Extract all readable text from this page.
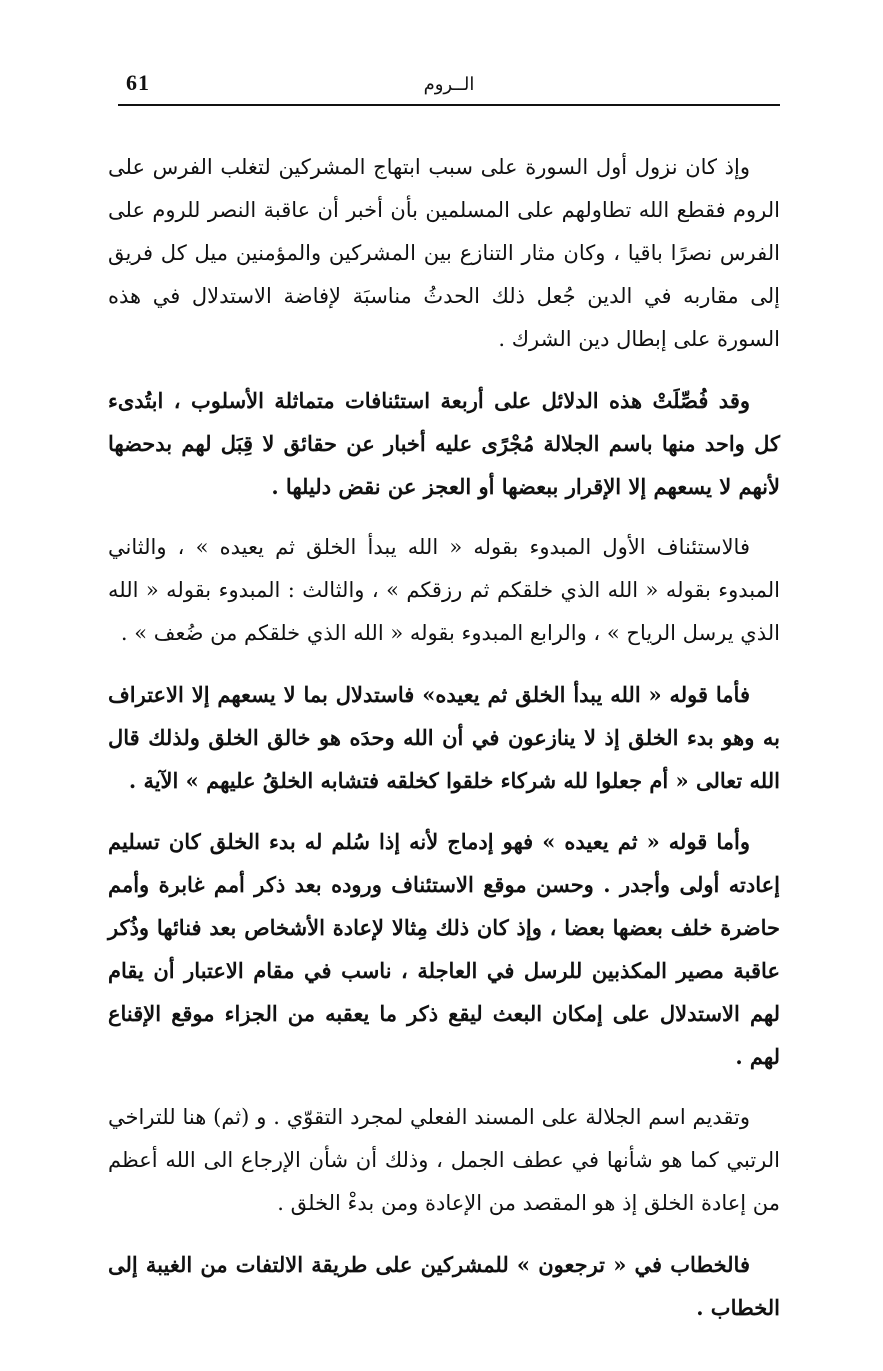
61	الــروم

وإذ كان نزول أول السورة على سبب ابتهاج المشركين لتغلب الفرس على الروم فقطع الله تطاولهم على المسلمين بأن أخبر أن عاقبة النصر للروم على الفرس نصرًا باقيا ، وكان مثار التنازع بين المشركين والمؤمنين ميل كل فريق إلى مقاربه في الدين جُعل ذلك الحدثُ مناسبَة لإفاضة الاستدلال في هذه السورة على إبطال دين الشرك .

وقد فُصِّلَتْ هذه الدلائل على أربعة استئنافات متماثلة الأسلوب ، ابتُدىء كل واحد منها باسم الجلالة مُجْرًى عليه أخبار عن حقائق لا قِبَل لهم بدحضها لأنهم لا يسعهم إلا الإقرار ببعضها أو العجز عن نقض دليلها .

فالاستئناف الأول المبدوء بقوله « الله يبدأ الخلق ثم يعيده » ، والثاني المبدوء بقوله « الله الذي خلقكم ثم رزقكم » ، والثالث : المبدوء بقوله « الله الذي يرسل الرياح » ، والرابع المبدوء بقوله « الله الذي خلقكم من ضُعف » .

فأما قوله « الله يبدأ الخلق ثم يعيده» فاستدلال بما لا يسعهم إلا الاعتراف به وهو بدء الخلق إذ لا ينازعون في أن الله وحدَه هو خالق الخلق ولذلك قال الله تعالى « أم جعلوا لله شركاء خلقوا كخلقه فتشابه الخلقُ عليهم » الآية .

وأما قوله « ثم يعيده » فهو إدماج لأنه إذا سُلم له بدء الخلق كان تسليم إعادته أولى وأجدر . وحسن موقع الاستئناف وروده بعد ذكر أمم غابرة وأمم حاضرة خلف بعضها بعضا ، وإذ كان ذلك مِثالا لإعادة الأشخاص بعد فنائها وذُكر عاقبة مصير المكذبين للرسل في العاجلة ، ناسب في مقام الاعتبار أن يقام لهم الاستدلال على إمكان البعث ليقع ذكر ما يعقبه من الجزاء موقع الإقناع لهم .

وتقديم اسم الجلالة على المسند الفعلي لمجرد التقوّي . و (ثم) هنا للتراخي الرتبي كما هو شأنها في عطف الجمل ، وذلك أن شأن الإرجاع الى الله أعظم من إعادة الخلق إذ هو المقصد من الإعادة ومن بدءْ الخلق .

فالخطاب في « ترجعون » للمشركين على طريقة الالتفات من الغيبة إلى الخطاب .
